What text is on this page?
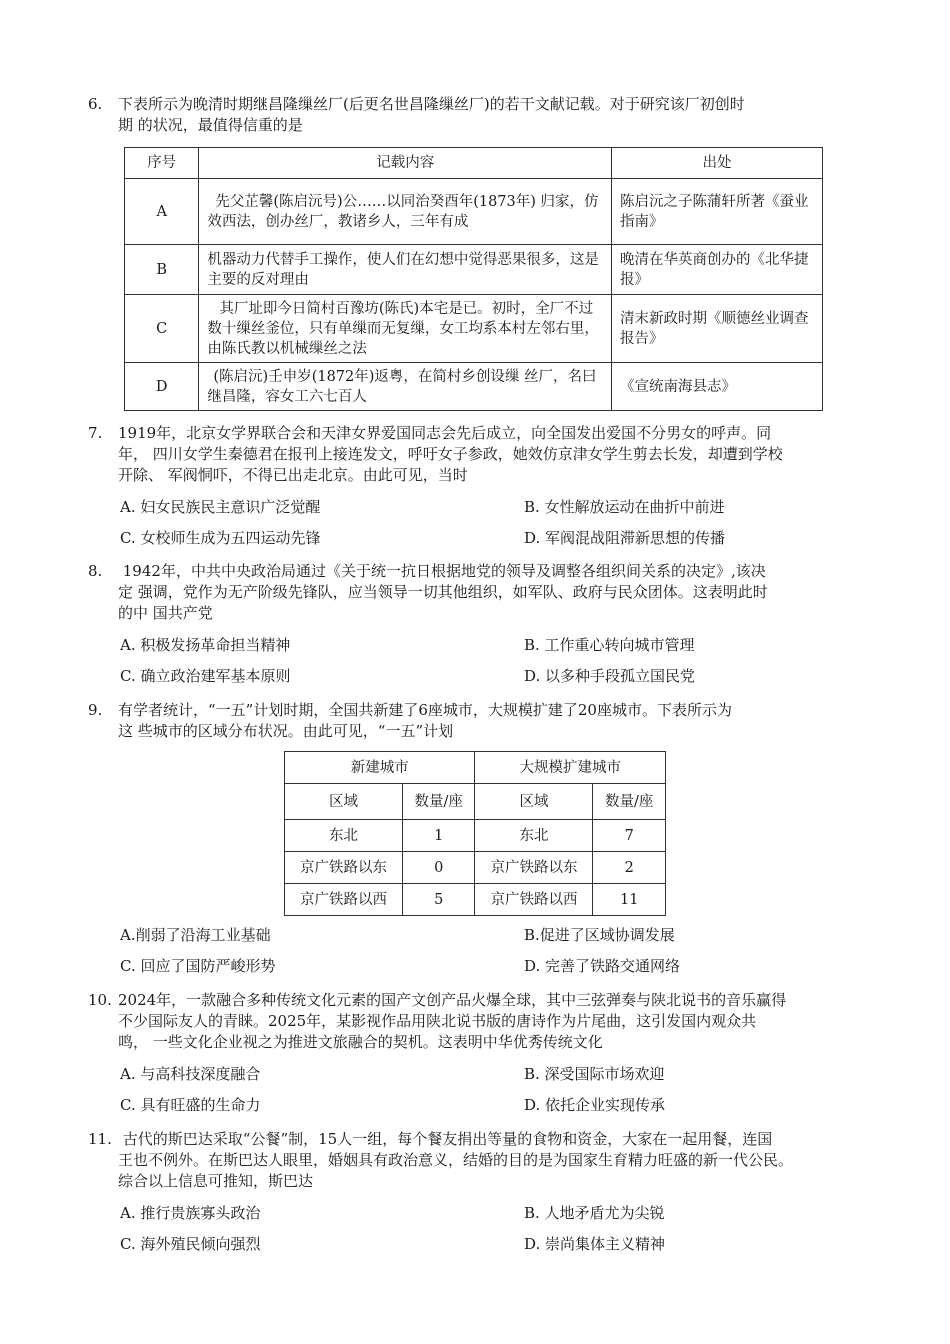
6. 下表所示为晚清时期继昌隆缫丝厂(后更名世昌隆缫丝厂)的若干文献记载。对于研究该厂初创时
期 的状况，最值得信重的是
序号	记载内容	出处
A	先父芷馨(陈启沅号)公……以同治癸酉年(1873年) 归家，仿效西法，创办丝厂，教诸乡人，三年有成	陈启沅之子陈蒲轩所著《蚕业指南》
B	机器动力代替手工操作，使人们在幻想中觉得恶果很多，这是主要的反对理由	晚清在华英商创办的《北华捷报》
C	其厂址即今日简村百豫坊(陈氏)本宅是已。初时，全厂不过数十缫丝釜位，只有单缫而无复缫，女工均系本村左邻右里，由陈氏教以机械缫丝之法	清末新政时期《顺德丝业调查报告》
D	(陈启沅)壬申岁(1872年)返粤，在简村乡创设缫 丝厂，名曰继昌隆，容女工六七百人	《宣统南海县志》
7. 1919年，北京女学界联合会和天津女界爱国同志会先后成立，向全国发出爱国不分男女的呼声。同
年， 四川女学生秦德君在报刊上接连发文，呼吁女子参政，她效仿京津女学生剪去长发，却遭到学校
开除、 军阀恫吓，不得已出走北京。由此可见，当时
A. 妇女民族民主意识广泛觉醒	B. 女性解放运动在曲折中前进
C. 女校师生成为五四运动先锋	D. 军阀混战阻滞新思想的传播
8. 1942年，中共中央政治局通过《关于统一抗日根据地党的领导及调整各组织间关系的决定》,该决
定 强调，党作为无产阶级先锋队，应当领导一切其他组织，如军队、政府与民众团体。这表明此时
的中 国共产党
A. 积极发扬革命担当精神	B. 工作重心转向城市管理
C. 确立政治建军基本原则	D. 以多种手段孤立国民党
9. 有学者统计，“一五”计划时期，全国共新建了6座城市，大规模扩建了20座城市。下表所示为
这 些城市的区域分布状况。由此可见，“一五”计划
新建城市		大规模扩建城市	
区域	数量/座	区域	数量/座
东北	1	东北	7
京广铁路以东	0	京广铁路以东	2
京广铁路以西	5	京广铁路以西	11
A.削弱了沿海工业基础	B.促进了区域协调发展
C. 回应了国防严峻形势	D. 完善了铁路交通网络
10. 2024年，一款融合多种传统文化元素的国产文创产品火爆全球，其中三弦弹奏与陕北说书的音乐赢得
不少国际友人的青睐。2025年，某影视作品用陕北说书版的唐诗作为片尾曲，这引发国内观众共
鸣， 一些文化企业视之为推进文旅融合的契机。这表明中华优秀传统文化
A. 与高科技深度融合	B. 深受国际市场欢迎
C. 具有旺盛的生命力	D. 依托企业实现传承
11. 古代的斯巴达采取“公餐”制，15人一组，每个餐友捐出等量的食物和资金，大家在一起用餐，连国
王也不例外。在斯巴达人眼里，婚姻具有政治意义，结婚的目的是为国家生育精力旺盛的新一代公民。
综合以上信息可推知，斯巴达
A. 推行贵族寡头政治	B. 人地矛盾尤为尖锐
C. 海外殖民倾向强烈	D. 崇尚集体主义精神
